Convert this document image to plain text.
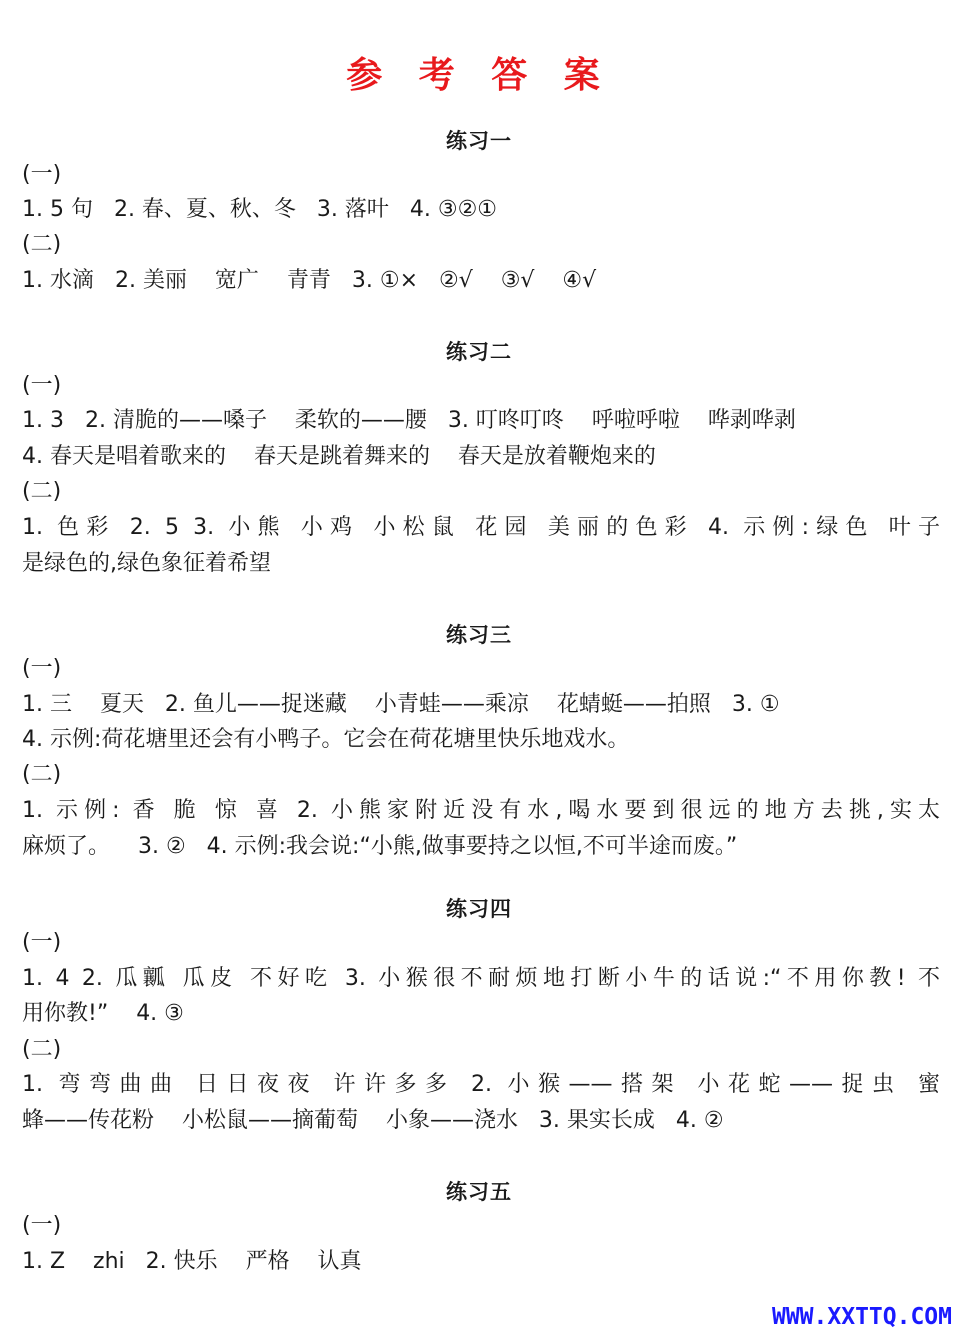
参 考 答 案
练习一
(一)
1. 5 句   2. 春、夏、秋、冬   3. 落叶   4. ③②①
(二)
1. 水滴   2. 美丽    宽广    青青   3. ①×   ②√    ③√    ④√
练习二
(一)
1. 3   2. 清脆的——嗓子    柔软的——腰   3. 叮咚叮咚    呼啦呼啦    哗剥哗剥
4. 春天是唱着歌来的    春天是跳着舞来的    春天是放着鞭炮来的
(二)
1. 色彩 2. 5 3. 小熊 小鸡 小松鼠 花园 美丽的色彩 4. 示例:绿色 叶子
是绿色的,绿色象征着希望
练习三
(一)
1. 三    夏天   2. 鱼儿——捉迷藏    小青蛙——乘凉    花蜻蜓——拍照   3. ①
4. 示例:荷花塘里还会有小鸭子。它会在荷花塘里快乐地戏水。
(二)
1. 示例: 香 脆 惊 喜 2. 小熊家附近没有水,喝水要到很远的地方去挑,实太
麻烦了。    3. ②   4. 示例:我会说:“小熊,做事要持之以恒,不可半途而废。”
练习四
(一)
1. 4 2. 瓜瓤 瓜皮 不好吃 3. 小猴很不耐烦地打断小牛的话说:“不用你教! 不
用你教!”    4. ③
(二)
1. 弯弯曲曲 日日夜夜 许许多多 2. 小猴——搭架 小花蛇——捉虫 蜜
蜂——传花粉    小松鼠——摘葡萄    小象——浇水   3. 果实长成   4. ②
练习五
(一)
1. Z    zhi   2. 快乐    严格    认真
WWW.XXTTQ.COM
